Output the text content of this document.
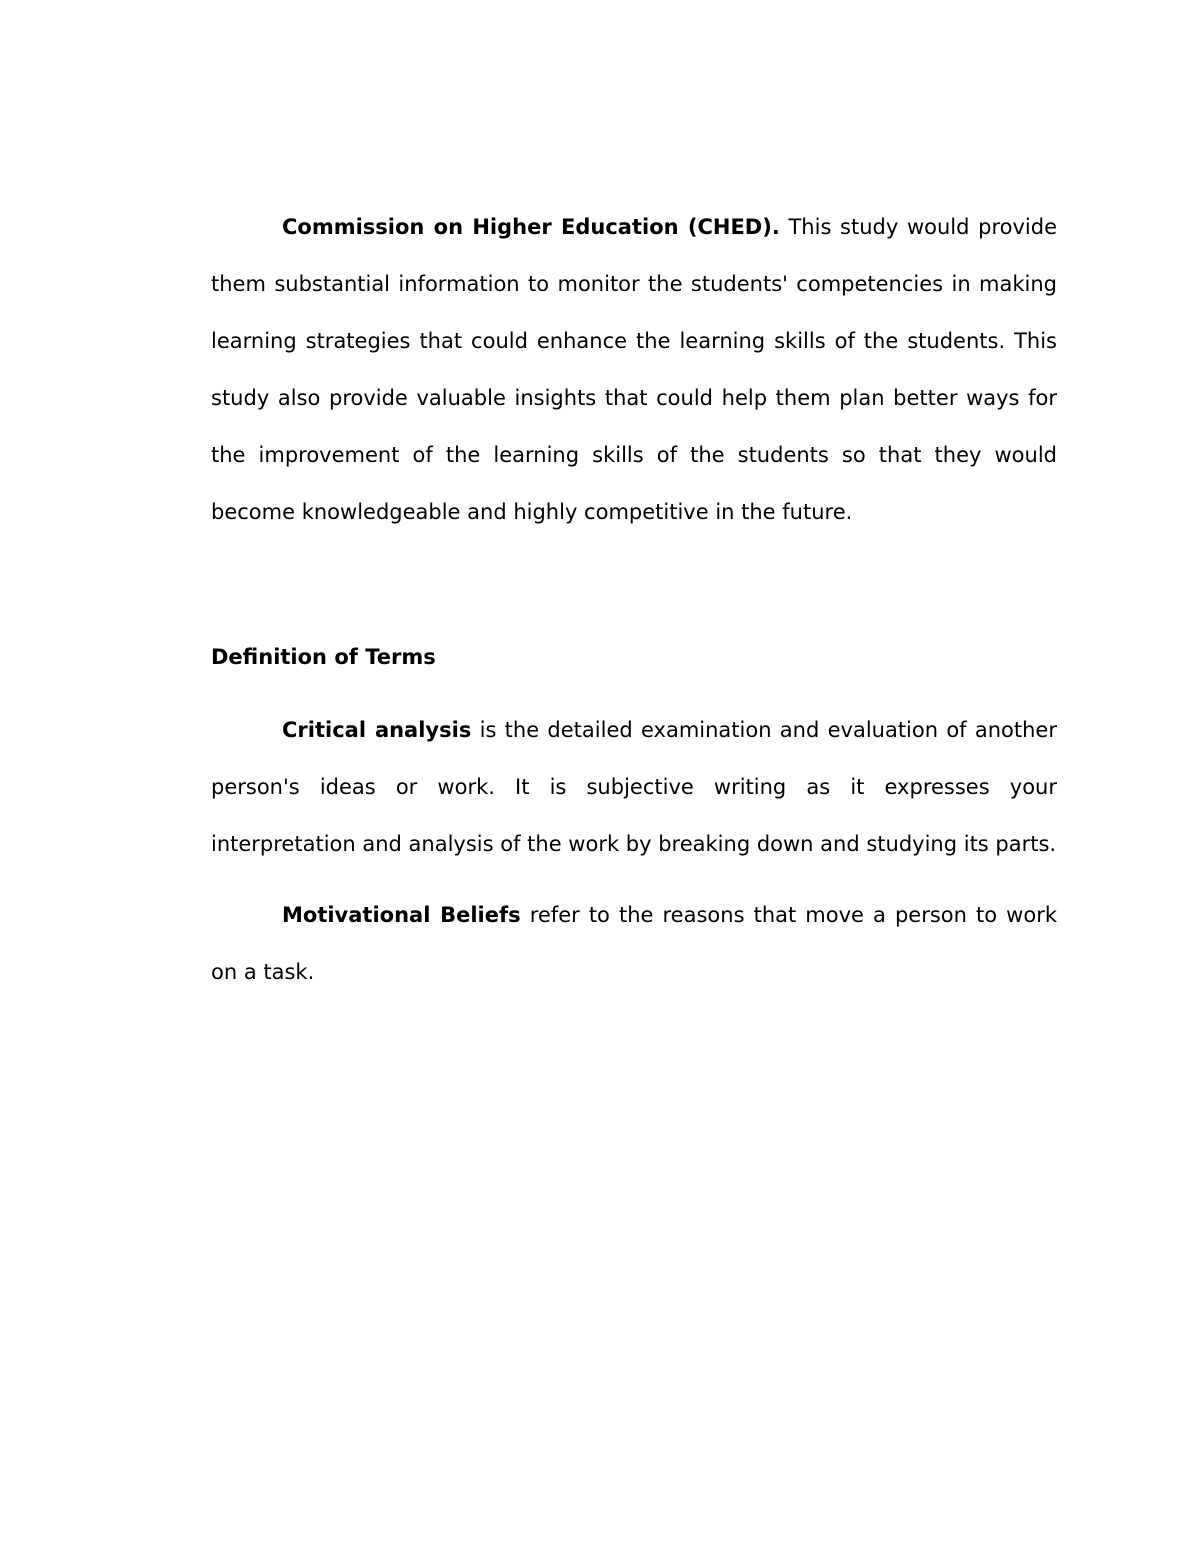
Commission on Higher Education (CHED). This study would provide them substantial information to monitor the students' competencies in making learning strategies that could enhance the learning skills of the students. This study also provide valuable insights that could help them plan better ways for the improvement of the learning skills of the students so that they would become knowledgeable and highly competitive in the future.

Definition of Terms

Critical analysis is the detailed examination and evaluation of another person's ideas or work. It is subjective writing as it expresses your interpretation and analysis of the work by breaking down and studying its parts.

Motivational Beliefs refer to the reasons that move a person to work on a task.
